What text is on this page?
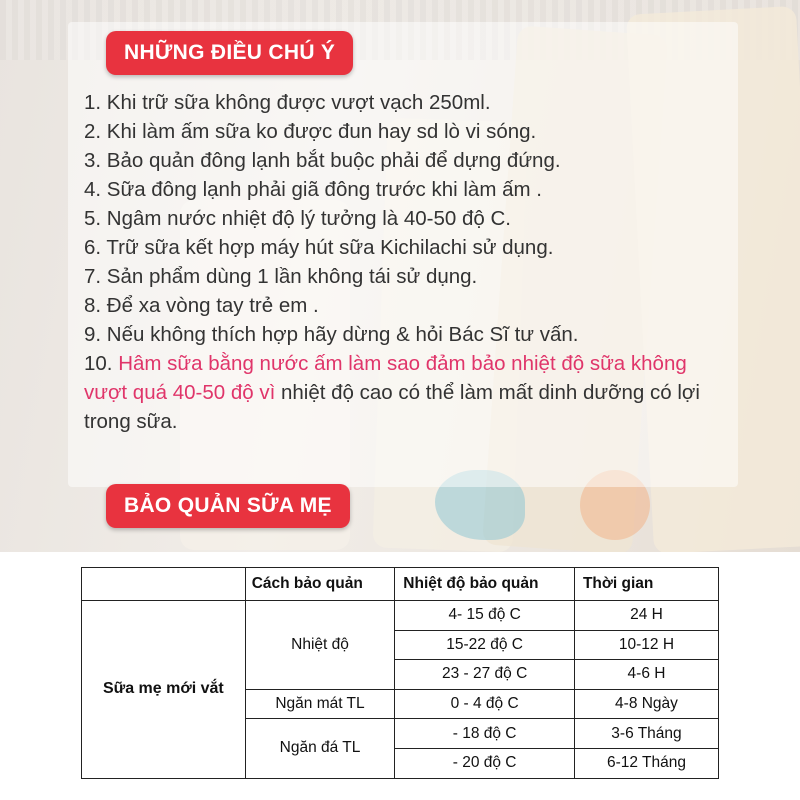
NHỮNG ĐIỀU CHÚ Ý
1. Khi trữ sữa không được vượt vạch 250ml.
2. Khi làm ấm sữa ko được đun hay sd lò vi sóng.
3. Bảo quản đông lạnh bắt buộc phải để dựng đứng.
4. Sữa đông lạnh phải giã đông trước khi làm ấm .
5. Ngâm nước nhiệt độ lý tưởng là 40-50 độ C.
6. Trữ sữa kết hợp máy hút sữa Kichilachi sử dụng.
7. Sản phẩm dùng 1 lần không tái sử dụng.
8. Để xa vòng tay trẻ em .
9. Nếu không thích hợp hãy dừng & hỏi Bác Sĩ tư vấn.
10. Hâm sữa bằng nước ấm làm sao đảm bảo nhiệt độ sữa không vượt quá 40-50 độ vì nhiệt độ cao có thể làm mất dinh dưỡng có lợi trong sữa.
BẢO QUẢN SỮA MẸ
	Cách bảo quản	Nhiệt độ bảo quản	Thời gian
Sữa mẹ mới vắt	Nhiệt độ	4- 15 độ C	24 H
		15-22 độ C	10-12 H
		23 - 27 độ C	4-6 H
	Ngăn mát TL	0 - 4 độ C	4-8 Ngày
	Ngăn đá TL	- 18 độ C	3-6 Tháng
		- 20 độ C	6-12 Tháng
